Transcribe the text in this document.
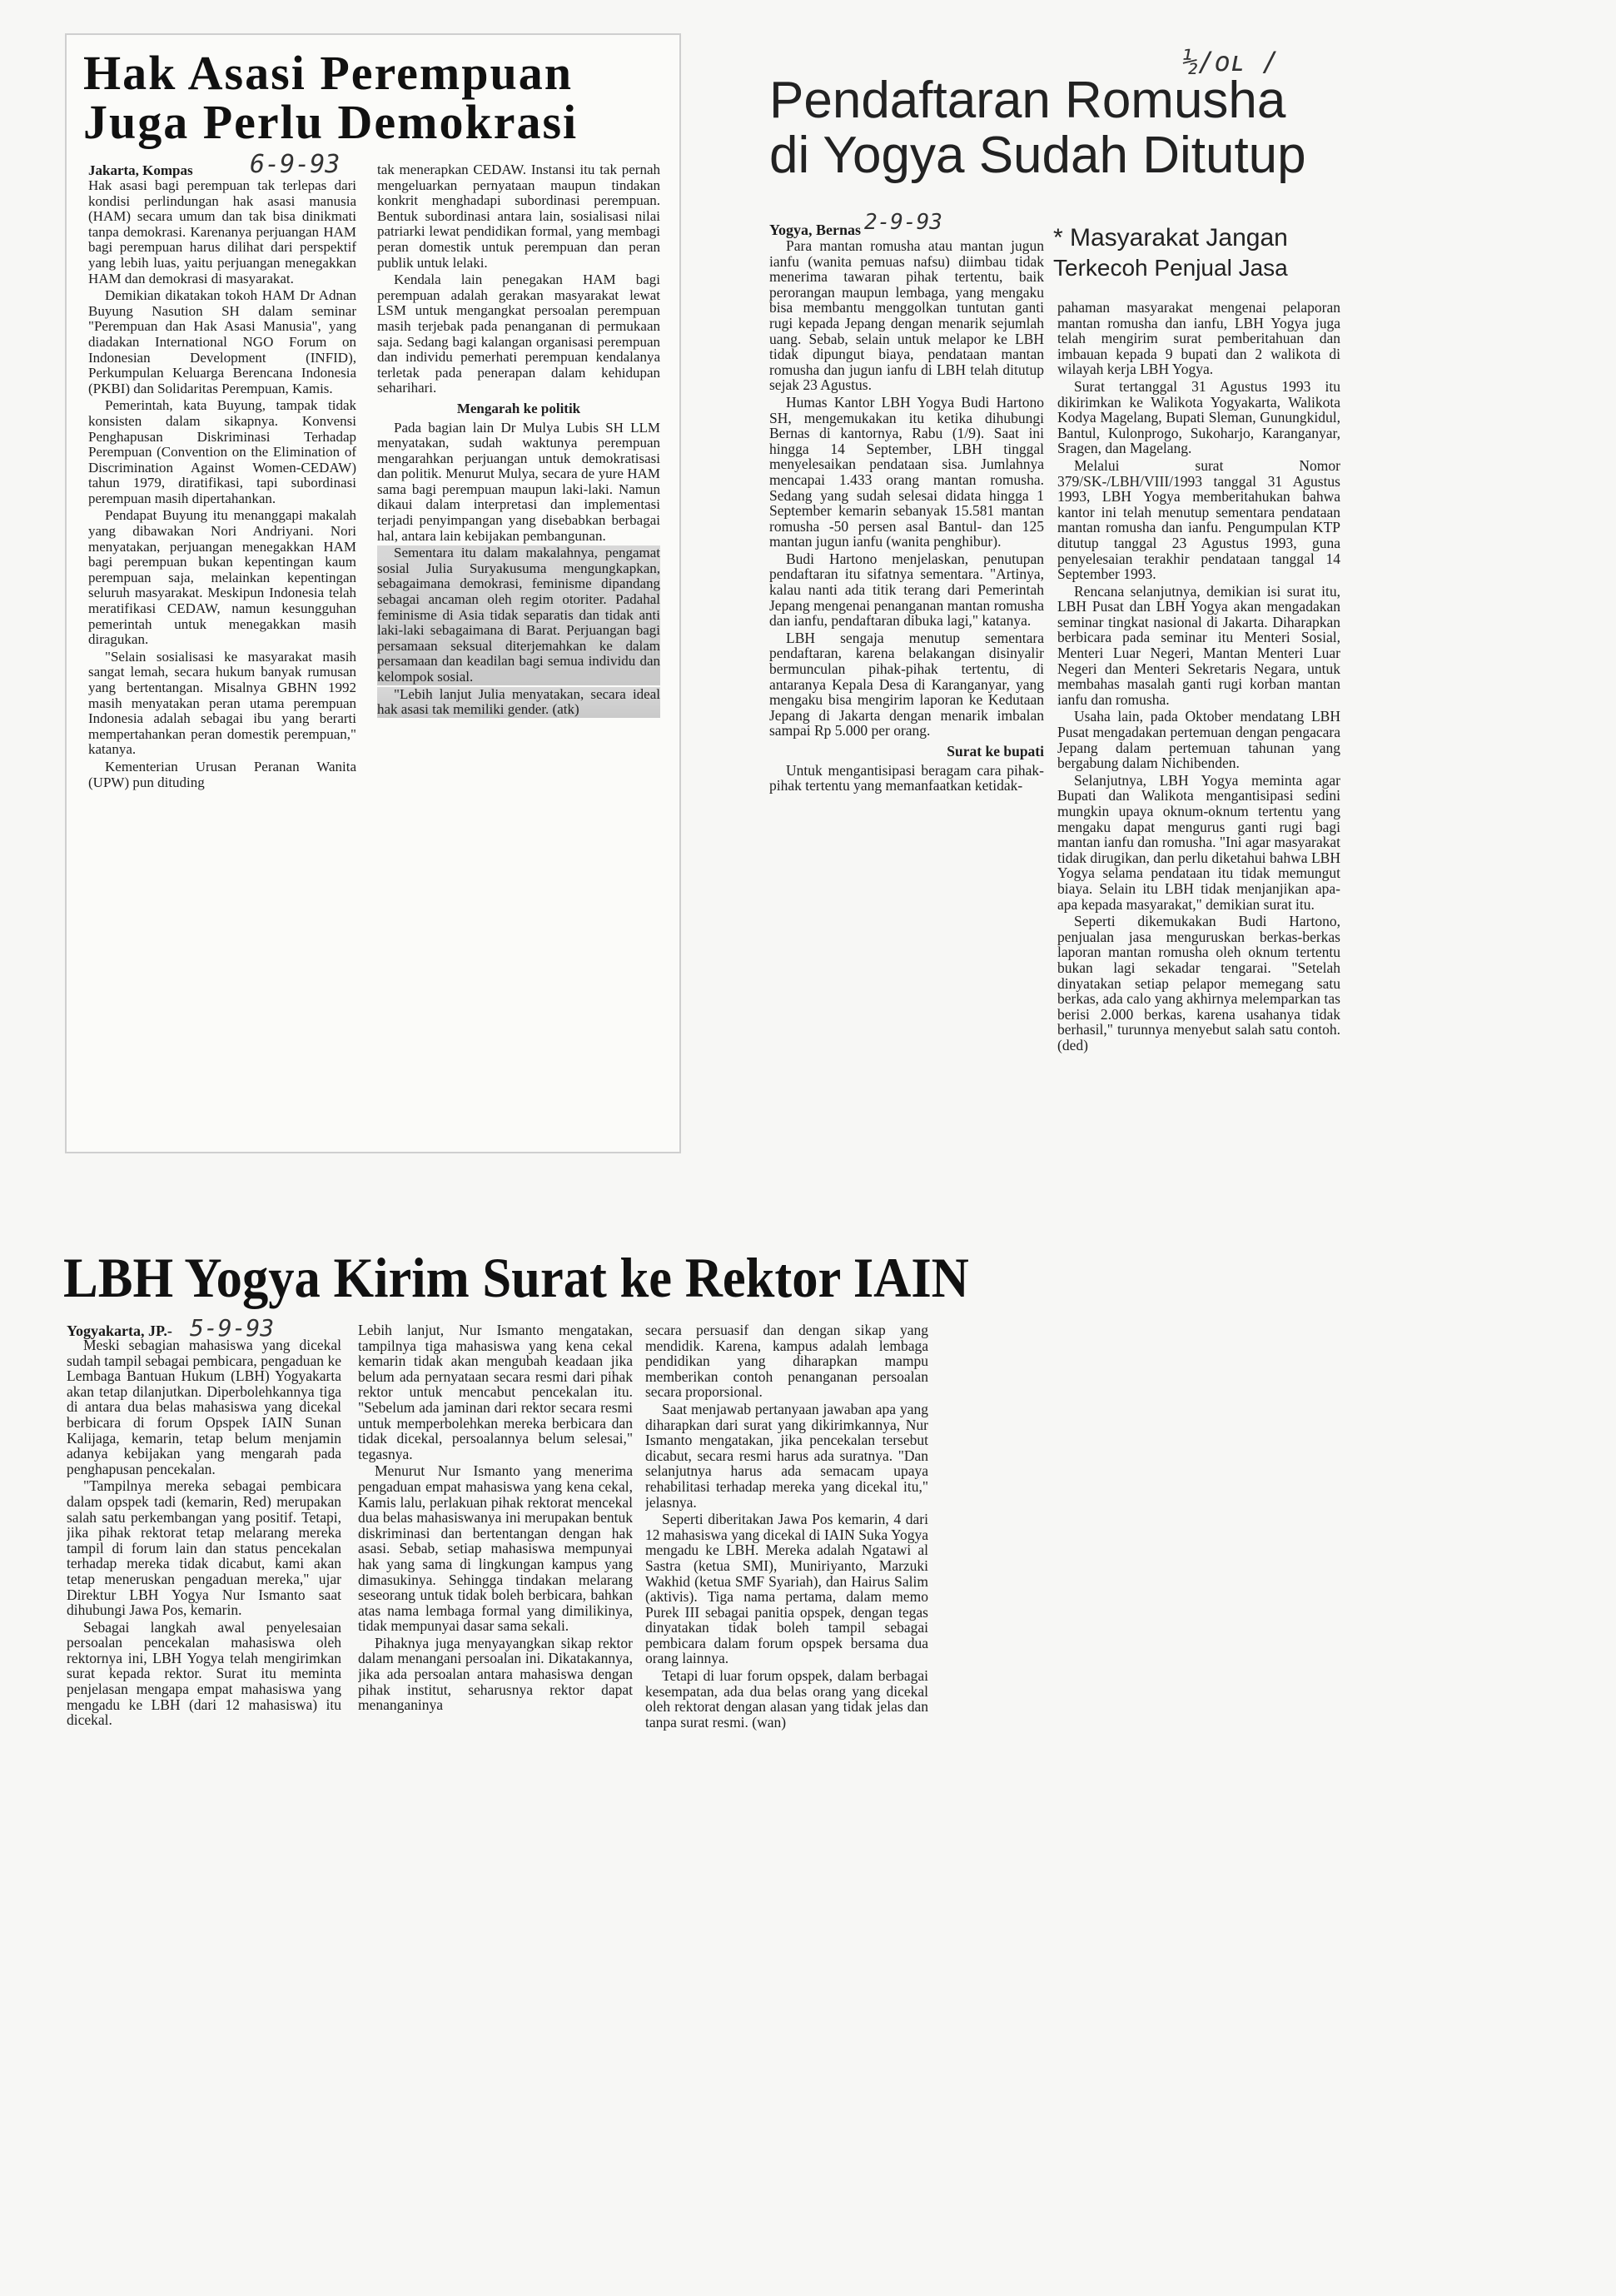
Hak Asasi Perempuan
Juga Perlu Demokrasi
Jakarta, Kompas 6-9-93

Hak asasi bagi perempuan tak terlepas dari kondisi perlindungan hak asasi manusia (HAM) secara umum dan tak bisa dinikmati tanpa demokrasi. Karenanya perjuangan HAM bagi perempuan harus dilihat dari perspektif yang lebih luas, yaitu perjuangan menegakkan HAM dan demokrasi di masyarakat.

Demikian dikatakan tokoh HAM Dr Adnan Buyung Nasution SH dalam seminar "Perempuan dan Hak Asasi Manusia", yang diadakan International NGO Forum on Indonesian Development (INFID), Perkumpulan Keluarga Berencana Indonesia (PKBI) dan Solidaritas Perempuan, Kamis.

Pemerintah, kata Buyung, tampak tidak konsisten dalam sikapnya. Konvensi Penghapusan Diskriminasi Terhadap Perempuan (Convention on the Elimination of Discrimination Against Women-CEDAW) tahun 1979, diratifikasi, tapi subordinasi perempuan masih dipertahankan.

Pendapat Buyung itu menanggapi makalah yang dibawakan Nori Andriyani. Nori menyatakan, perjuangan menegakkan HAM bagi perempuan bukan kepentingan kaum perempuan saja, melainkan kepentingan seluruh masyarakat. Meskipun Indonesia telah meratifikasi CEDAW, namun kesungguhan pemerintah untuk menegakkan masih diragukan.

"Selain sosialisasi ke masyarakat masih sangat lemah, secara hukum banyak rumusan yang bertentangan. Misalnya GBHN 1992 masih menyatakan peran utama perempuan Indonesia adalah sebagai ibu yang berarti mempertahankan peran domestik perempuan," katanya.

Kementerian Urusan Peranan Wanita (UPW) pun dituding

tak menerapkan CEDAW. Instansi itu tak pernah mengeluarkan pernyataan maupun tindakan konkrit menghadapi subordinasi perempuan. Bentuk subordinasi antara lain, sosialisasi nilai patriarki lewat pendidikan formal, yang membagi peran domestik untuk perempuan dan peran publik untuk lelaki.

Kendala lain penegakan HAM bagi perempuan adalah gerakan masyarakat lewat LSM untuk mengangkat persoalan perempuan masih terjebak pada penanganan di permukaan saja. Sedang bagi kalangan organisasi perempuan dan individu pemerhati perempuan kendalanya terletak pada penerapan dalam kehidupan seharihari.

Mengarah ke politik

Pada bagian lain Dr Mulya Lubis SH LLM menyatakan, sudah waktunya perempuan mengarahkan perjuangan untuk demokratisasi dan politik. Menurut Mulya, secara de yure HAM sama bagi perempuan maupun laki-laki. Namun dikaui dalam interpretasi dan implementasi terjadi penyimpangan yang disebabkan berbagai hal, antara lain kebijakan pembangunan.

Sementara itu dalam makalahnya, pengamat sosial Julia Suryakusuma mengungkapkan, sebagaimana demokrasi, feminisme dipandang sebagai ancaman oleh regim otoriter. Padahal feminisme di Asia tidak separatis dan tidak anti laki-laki sebagaimana di Barat. Perjuangan bagi persamaan seksual diterjemahkan ke dalam persamaan dan keadilan bagi semua individu dan kelompok sosial.

"Lebih lanjut Julia menyatakan, secara ideal hak asasi tak memiliki gender. (atk)

½/οʟ /
Pendaftaran Romusha
di Yogya Sudah Ditutup
Yogya, Bernas 2-9-93
* Masyarakat Jangan
Terkecoh Penjual Jasa

Para mantan romusha atau mantan jugun ianfu (wanita pemuas nafsu) diimbau tidak menerima tawaran pihak tertentu, baik perorangan maupun lembaga, yang mengaku bisa membantu menggolkan tuntutan ganti rugi kepada Jepang dengan menarik sejumlah uang. Sebab, selain untuk melapor ke LBH tidak dipungut biaya, pendataan mantan romusha dan jugun ianfu di LBH telah ditutup sejak 23 Agustus.

Humas Kantor LBH Yogya Budi Hartono SH, mengemukakan itu ketika dihubungi Bernas di kantornya, Rabu (1/9). Saat ini hingga 14 September, LBH tinggal menyelesaikan pendataan sisa. Jumlahnya mencapai 1.433 orang mantan romusha. Sedang yang sudah selesai didata hingga 1 September kemarin sebanyak 15.581 mantan romusha -50 persen asal Bantul- dan 125 mantan jugun ianfu (wanita penghibur).

Budi Hartono menjelaskan, penutupan pendaftaran itu sifatnya sementara. "Artinya, kalau nanti ada titik terang dari Pemerintah Jepang mengenai penanganan mantan romusha dan ianfu, pendaftaran dibuka lagi," katanya.

LBH sengaja menutup sementara pendaftaran, karena belakangan disinyalir bermunculan pihak-pihak tertentu, di antaranya Kepala Desa di Karanganyar, yang mengaku bisa mengirim laporan ke Kedutaan Jepang di Jakarta dengan menarik imbalan sampai Rp 5.000 per orang.

Surat ke bupati

Untuk mengantisipasi beragam cara pihak-pihak tertentu yang memanfaatkan ketidak-

pahaman masyarakat mengenai pelaporan mantan romusha dan ianfu, LBH Yogya juga telah mengirim surat pemberitahuan dan imbauan kepada 9 bupati dan 2 walikota di wilayah kerja LBH Yogya.

Surat tertanggal 31 Agustus 1993 itu dikirimkan ke Walikota Yogyakarta, Walikota Kodya Magelang, Bupati Sleman, Gunungkidul, Bantul, Kulonprogo, Sukoharjo, Karanganyar, Sragen, dan Magelang.

Melalui surat Nomor 379/SK-/LBH/VIII/1993 tanggal 31 Agustus 1993, LBH Yogya memberitahukan bahwa kantor ini telah menutup sementara pendataan mantan romusha dan ianfu. Pengumpulan KTP ditutup tanggal 23 Agustus 1993, guna penyelesaian terakhir pendataan tanggal 14 September 1993.

Rencana selanjutnya, demikian isi surat itu, LBH Pusat dan LBH Yogya akan mengadakan seminar tingkat nasional di Jakarta. Diharapkan berbicara pada seminar itu Menteri Sosial, Menteri Luar Negeri, Mantan Menteri Luar Negeri dan Menteri Sekretaris Negara, untuk membahas masalah ganti rugi korban mantan ianfu dan romusha.

Usaha lain, pada Oktober mendatang LBH Pusat mengadakan pertemuan dengan pengacara Jepang dalam pertemuan tahunan yang bergabung dalam Nichibenden.

Selanjutnya, LBH Yogya meminta agar Bupati dan Walikota mengantisipasi sedini mungkin upaya oknum-oknum tertentu yang mengaku dapat mengurus ganti rugi bagi mantan ianfu dan romusha. "Ini agar masyarakat tidak dirugikan, dan perlu diketahui bahwa LBH Yogya selama pendataan itu tidak memungut biaya. Selain itu LBH tidak menjanjikan apa-apa kepada masyarakat," demikian surat itu.

Seperti dikemukakan Budi Hartono, penjualan jasa menguruskan berkas-berkas laporan mantan romusha oleh oknum tertentu bukan lagi sekadar tengarai. "Setelah dinyatakan setiap pelapor memegang satu berkas, ada calo yang akhirnya melemparkan tas berisi 2.000 berkas, karena usahanya tidak berhasil," turunnya menyebut salah satu contoh. (ded)

LBH Yogya Kirim Surat ke Rektor IAIN
Yogyakarta, JP.- 5-9-93

Meski sebagian mahasiswa yang dicekal sudah tampil sebagai pembicara, pengaduan ke Lembaga Bantuan Hukum (LBH) Yogyakarta akan tetap dilanjutkan. Diperbolehkannya tiga di antara dua belas mahasiswa yang dicekal berbicara di forum Opspek IAIN Sunan Kalijaga, kemarin, tetap belum menjamin adanya kebijakan yang mengarah pada penghapusan pencekalan.

"Tampilnya mereka sebagai pembicara dalam opspek tadi (kemarin, Red) merupakan salah satu perkembangan yang positif. Tetapi, jika pihak rektorat tetap melarang mereka tampil di forum lain dan status pencekalan terhadap mereka tidak dicabut, kami akan tetap meneruskan pengaduan mereka," ujar Direktur LBH Yogya Nur Ismanto saat dihubungi Jawa Pos, kemarin.

Sebagai langkah awal penyelesaian persoalan pencekalan mahasiswa oleh rektornya ini, LBH Yogya telah mengirimkan surat kepada rektor. Surat itu meminta penjelasan mengapa empat mahasiswa yang mengadu ke LBH (dari 12 mahasiswa) itu dicekal.

Lebih lanjut, Nur Ismanto mengatakan, tampilnya tiga mahasiswa yang kena cekal kemarin tidak akan mengubah keadaan jika belum ada pernyataan secara resmi dari pihak rektor untuk mencabut pencekalan itu. "Sebelum ada jaminan dari rektor secara resmi untuk memperbolehkan mereka berbicara dan tidak dicekal, persoalannya belum selesai," tegasnya.

Menurut Nur Ismanto yang menerima pengaduan empat mahasiswa yang kena cekal, Kamis lalu, perlakuan pihak rektorat mencekal dua belas mahasiswanya ini merupakan bentuk diskriminasi dan bertentangan dengan hak asasi. Sebab, setiap mahasiswa mempunyai hak yang sama di lingkungan kampus yang dimasukinya. Sehingga tindakan melarang seseorang untuk tidak boleh berbicara, bahkan atas nama lembaga formal yang dimilikinya, tidak mempunyai dasar sama sekali.

Pihaknya juga menyayangkan sikap rektor dalam menangani persoalan ini. Dikatakannya, jika ada persoalan antara mahasiswa dengan pihak institut, seharusnya rektor dapat menanganinya

secara persuasif dan dengan sikap yang mendidik. Karena, kampus adalah lembaga pendidikan yang diharapkan mampu memberikan contoh penanganan persoalan secara proporsional.

Saat menjawab pertanyaan jawaban apa yang diharapkan dari surat yang dikirimkannya, Nur Ismanto mengatakan, jika pencekalan tersebut dicabut, secara resmi harus ada suratnya. "Dan selanjutnya harus ada semacam upaya rehabilitasi terhadap mereka yang dicekal itu," jelasnya.

Seperti diberitakan Jawa Pos kemarin, 4 dari 12 mahasiswa yang dicekal di IAIN Suka Yogya mengadu ke LBH. Mereka adalah Ngatawi al Sastra (ketua SMI), Muniriyanto, Marzuki Wakhid (ketua SMF Syariah), dan Hairus Salim (aktivis). Tiga nama pertama, dalam memo Purek III sebagai panitia opspek, dengan tegas dinyatakan tidak boleh tampil sebagai pembicara dalam forum opspek bersama dua orang lainnya.

Tetapi di luar forum opspek, dalam berbagai kesempatan, ada dua belas orang yang dicekal oleh rektorat dengan alasan yang tidak jelas dan tanpa surat resmi. (wan)
